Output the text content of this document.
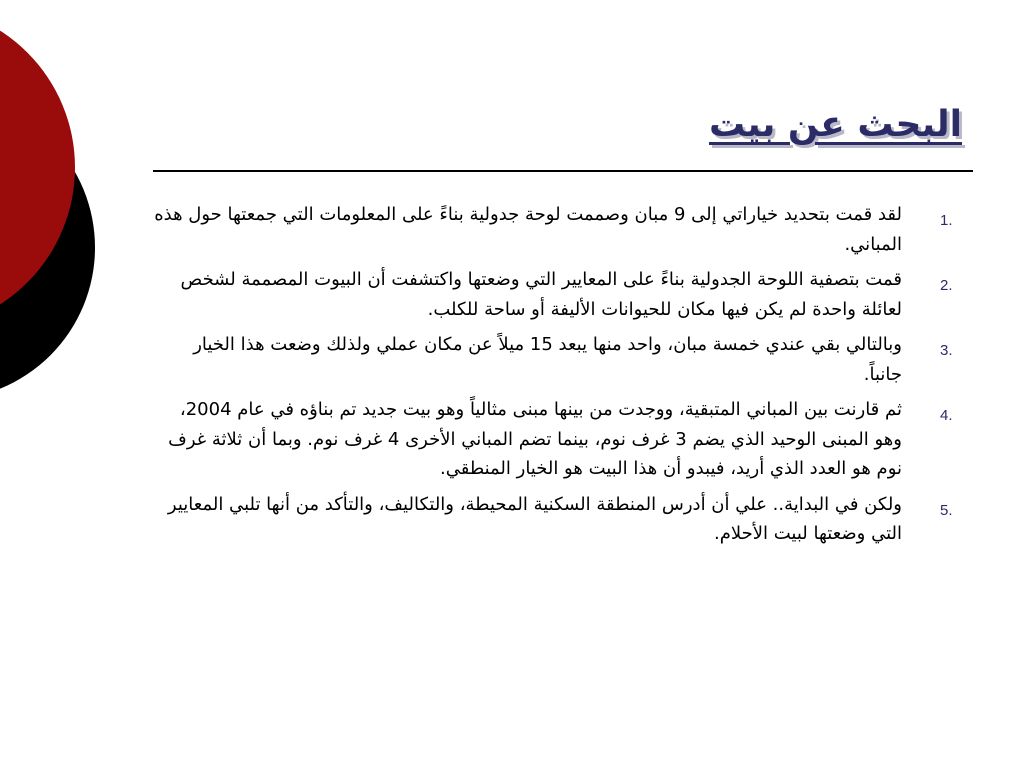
البحث عن بيت
1.
لقد قمت بتحديد خياراتي إلى 9 مبان وصممت لوحة جدولية بناءً على المعلومات التي جمعتها حول هذه المباني.
2.
قمت بتصفية اللوحة الجدولية بناءً على المعايير التي وضعتها واكتشفت أن البيوت المصممة لشخص لعائلة واحدة لم يكن فيها مكان للحيوانات الأليفة أو ساحة للكلب.
3.
وبالتالي بقي عندي خمسة مبان، واحد منها يبعد 15 ميلاً عن مكان عملي ولذلك وضعت هذا الخيار جانباً.
4.
ثم قارنت بين المباني المتبقية، ووجدت من بينها مبنى مثالياً وهو بيت جديد تم بناؤه في عام 2004، وهو المبنى الوحيد الذي يضم 3 غرف نوم، بينما تضم المباني الأخرى 4 غرف نوم. وبما أن ثلاثة غرف نوم هو العدد الذي أريد، فيبدو أن هذا البيت هو الخيار المنطقي.
5.
ولكن في البداية.. علي أن أدرس المنطقة السكنية المحيطة، والتكاليف، والتأكد من أنها تلبي المعايير التي وضعتها لبيت الأحلام.
